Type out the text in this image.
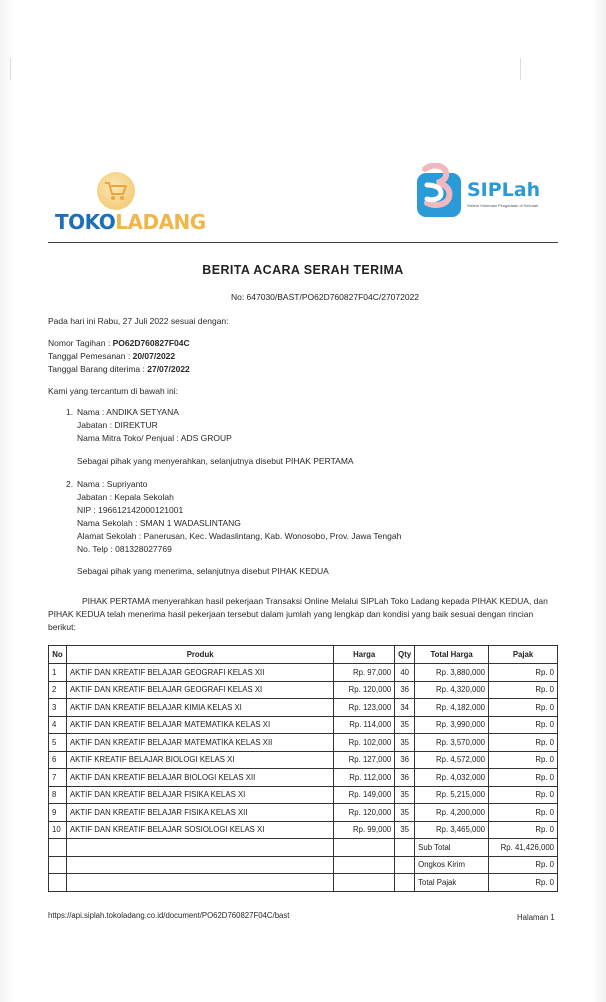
TOKOLADANG
SIPLah
Sistem Informasi Pengadaan di Sekolah
BERITA ACARA SERAH TERIMA
No: 647030/BAST/PO62D760827F04C/27072022
Pada hari ini Rabu, 27 Juli 2022 sesuai dengan:
Nomor Tagihan : PO62D760827F04C
Tanggal Pemesanan : 20/07/2022
Tanggal Barang diterima : 27/07/2022
Kami yang tercantum di bawah ini:
1. Nama : ANDIKA SETYANA
Jabatan : DIREKTUR
Nama Mitra Toko/ Penjual : ADS GROUP
Sebagai pihak yang menyerahkan, selanjutnya disebut PIHAK PERTAMA
2. Nama : Supriyanto
Jabatan : Kepala Sekolah
NIP : 196612142000121001
Nama Sekolah : SMAN 1 WADASLINTANG
Alamat Sekolah : Panerusan, Kec. Wadaslintang, Kab. Wonosobo, Prov. Jawa Tengah
No. Telp : 081328027769
Sebagai pihak yang menerima, selanjutnya disebut PIHAK KEDUA
PIHAK PERTAMA menyerahkan hasil pekerjaan Transaksi Online Melalui SIPLah Toko Ladang kepada PIHAK KEDUA, dan PIHAK KEDUA telah menerima hasil pekerjaan tersebut dalam jumlah yang lengkap dan kondisi yang baik sesuai dengan rincian berikut:
No	Produk	Harga	Qty	Total Harga	Pajak
1	AKTIF DAN KREATIF BELAJAR GEOGRAFI KELAS XII	Rp. 97,000	40	Rp. 3,880,000	Rp. 0
2	AKTIF DAN KREATIF BELAJAR GEOGRAFI KELAS XI	Rp. 120,000	36	Rp. 4,320,000	Rp. 0
3	AKTIF DAN KREATIF BELAJAR KIMIA KELAS XI	Rp. 123,000	34	Rp. 4,182,000	Rp. 0
4	AKTIF DAN KREATIF BELAJAR MATEMATIKA KELAS XI	Rp. 114,000	35	Rp. 3,990,000	Rp. 0
5	AKTIF DAN KREATIF BELAJAR MATEMATIKA KELAS XII	Rp. 102,000	35	Rp. 3,570,000	Rp. 0
6	AKTIF KREATIF BELAJAR BIOLOGI KELAS XI	Rp. 127,000	36	Rp. 4,572,000	Rp. 0
7	AKTIF DAN KREATIF BELAJAR BIOLOGI KELAS XII	Rp. 112,000	36	Rp. 4,032,000	Rp. 0
8	AKTIF DAN KREATIF BELAJAR FISIKA KELAS XI	Rp. 149,000	35	Rp. 5,215,000	Rp. 0
9	AKTIF DAN KREATIF BELAJAR FISIKA KELAS XII	Rp. 120,000	35	Rp. 4,200,000	Rp. 0
10	AKTIF DAN KREATIF BELAJAR SOSIOLOGI KELAS XI	Rp. 99,000	35	Rp. 3,465,000	Rp. 0
				Sub Total	Rp. 41,426,000
				Ongkos Kirim	Rp. 0
				Total Pajak	Rp. 0
https://api.siplah.tokoladang.co.id/document/PO62D760827F04C/bast	Halaman 1
